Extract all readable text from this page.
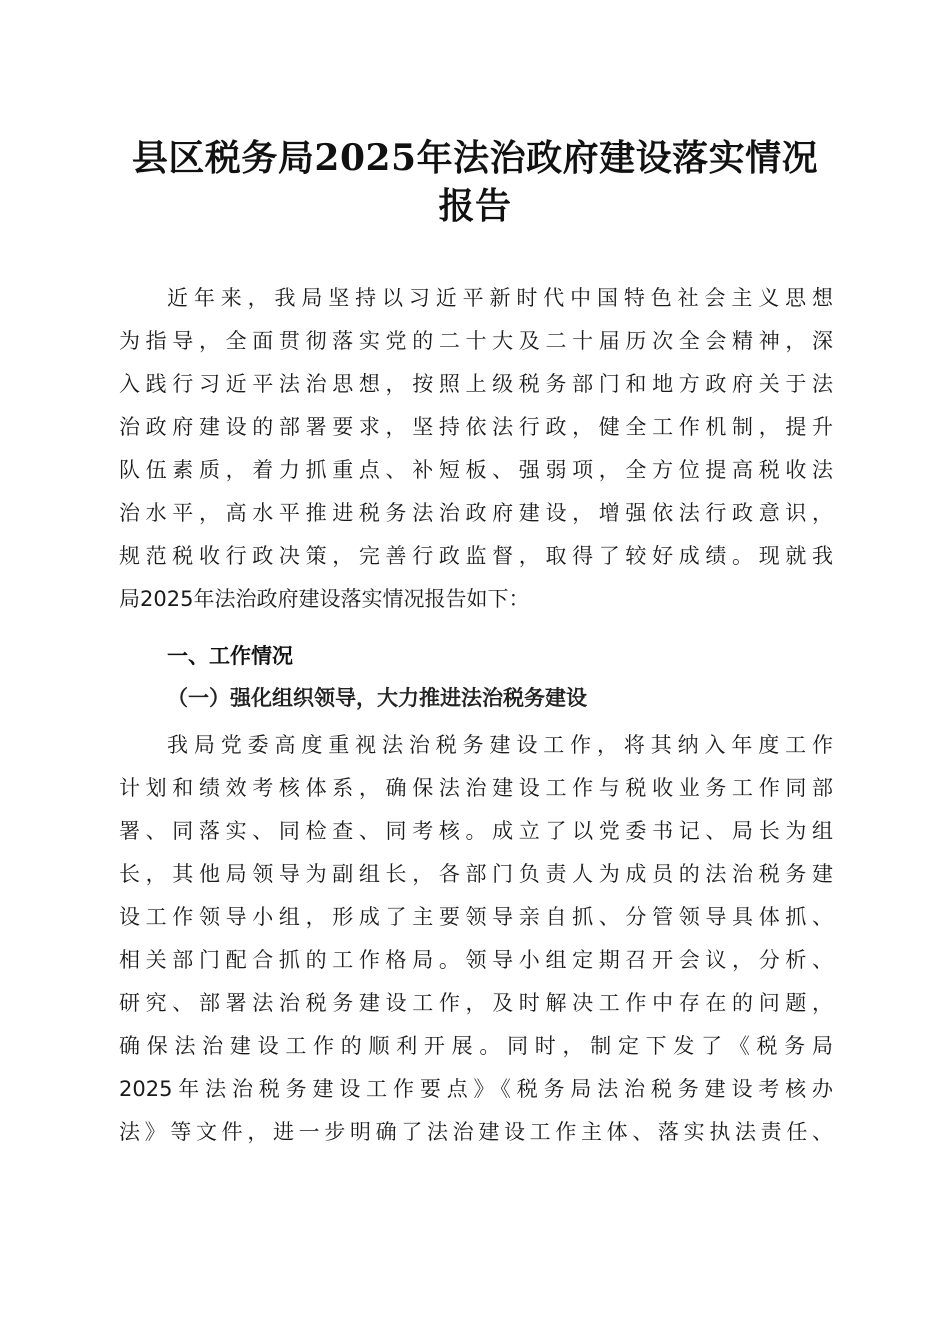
县区税务局2025年法治政府建设落实情况报告
近年来，我局坚持以习近平新时代中国特色社会主义思想
为指导，全面贯彻落实党的二十大及二十届历次全会精神，深
入践行习近平法治思想，按照上级税务部门和地方政府关于法
治政府建设的部署要求，坚持依法行政，健全工作机制，提升
队伍素质，着力抓重点、补短板、强弱项，全方位提高税收法
治水平，高水平推进税务法治政府建设，增强依法行政意识，
规范税收行政决策，完善行政监督，取得了较好成绩。现就我
局2025年法治政府建设落实情况报告如下：
一、工作情况
（一）强化组织领导，大力推进法治税务建设
我局党委高度重视法治税务建设工作，将其纳入年度工作
计划和绩效考核体系，确保法治建设工作与税收业务工作同部
署、同落实、同检查、同考核。成立了以党委书记、局长为组
长，其他局领导为副组长，各部门负责人为成员的法治税务建
设工作领导小组，形成了主要领导亲自抓、分管领导具体抓、
相关部门配合抓的工作格局。领导小组定期召开会议，分析、
研究、部署法治税务建设工作，及时解决工作中存在的问题，
确保法治建设工作的顺利开展。同时，制定下发了《税务局
2025年法治税务建设工作要点》《税务局法治税务建设考核办
法》等文件，进一步明确了法治建设工作主体、落实执法责任、
